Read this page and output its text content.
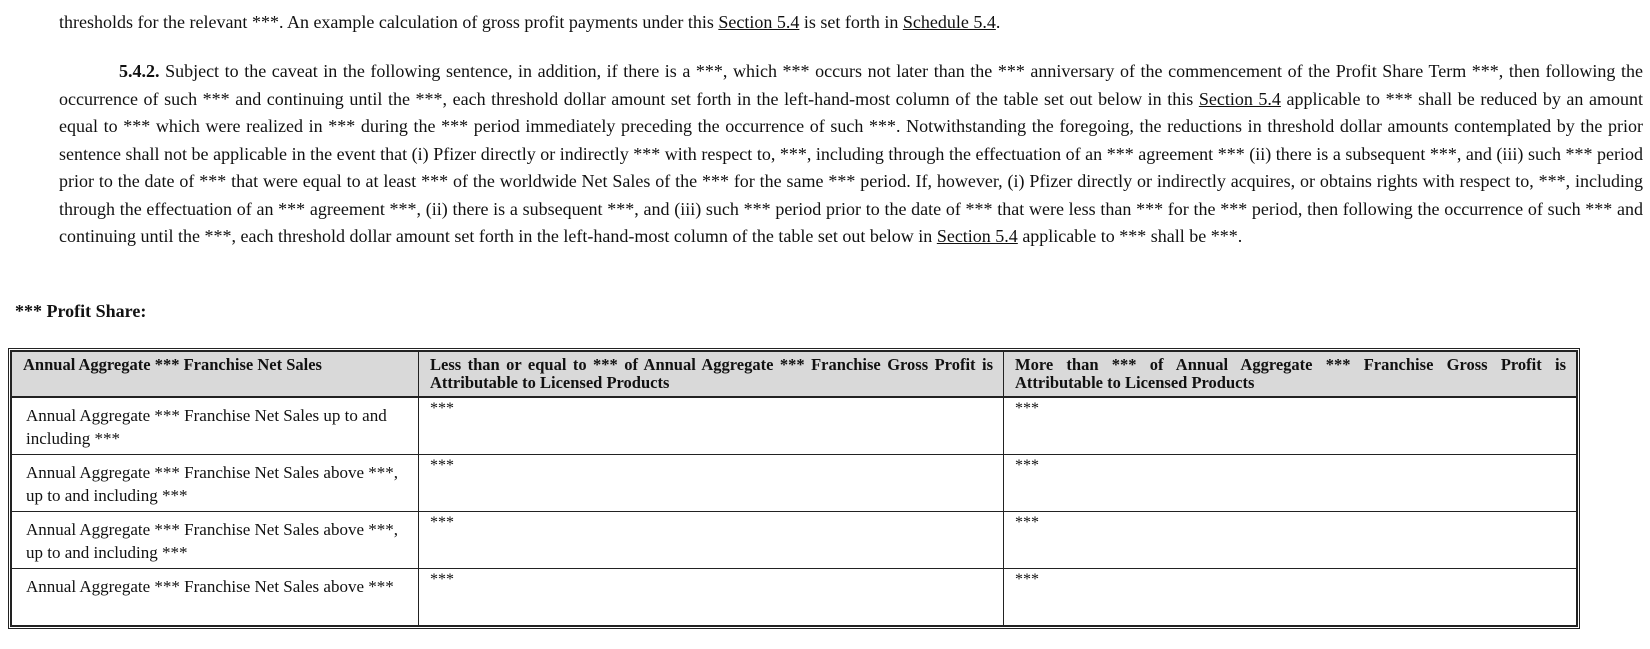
thresholds for the relevant ***. An example calculation of gross profit payments under this Section 5.4 is set forth in Schedule 5.4.

5.4.2. Subject to the caveat in the following sentence, in addition, if there is a ***, which *** occurs not later than the *** anniversary of the commencement of the Profit Share Term ***, then following the occurrence of such *** and continuing until the ***, each threshold dollar amount set forth in the left-hand-most column of the table set out below in this Section 5.4 applicable to *** shall be reduced by an amount equal to *** which were realized in *** during the *** period immediately preceding the occurrence of such ***. Notwithstanding the foregoing, the reductions in threshold dollar amounts contemplated by the prior sentence shall not be applicable in the event that (i) Pfizer directly or indirectly *** with respect to, ***, including through the effectuation of an *** agreement *** (ii) there is a subsequent ***, and (iii) such *** period prior to the date of *** that were equal to at least *** of the worldwide Net Sales of the *** for the same *** period. If, however, (i) Pfizer directly or indirectly acquires, or obtains rights with respect to, ***, including through the effectuation of an *** agreement ***, (ii) there is a subsequent ***, and (iii) such *** period prior to the date of *** that were less than *** for the *** period, then following the occurrence of such *** and continuing until the ***, each threshold dollar amount set forth in the left-hand-most column of the table set out below in Section 5.4 applicable to *** shall be ***.

*** Profit Share:

Annual Aggregate *** Franchise Net Sales	Less than or equal to *** of Annual Aggregate *** Franchise Gross Profit is Attributable to Licensed Products	More than *** of Annual Aggregate *** Franchise Gross Profit is Attributable to Licensed Products
Annual Aggregate *** Franchise Net Sales up to and including ***	***	***
Annual Aggregate *** Franchise Net Sales above ***, up to and including ***	***	***
Annual Aggregate *** Franchise Net Sales above ***, up to and including ***	***	***
Annual Aggregate *** Franchise Net Sales above ***	***	***
